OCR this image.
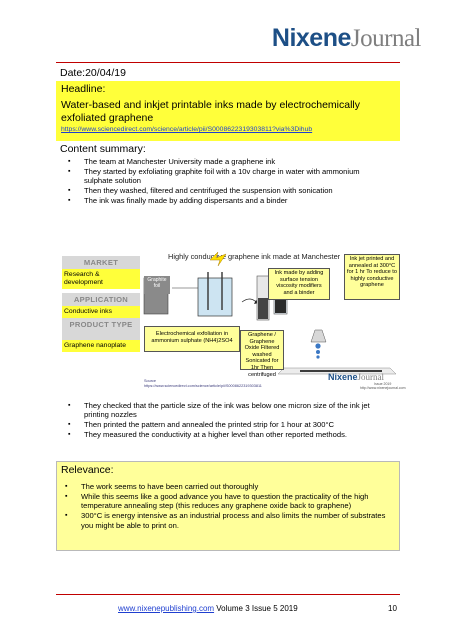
NixeneJournal
Date:20/04/19
Headline:
Water-based and inkjet printable inks made by electrochemically exfoliated graphene
https://www.sciencedirect.com/science/article/pii/S0008622319303811?via%3Dihub
Content summary:
▪ The team at Manchester University made a graphene ink
▪ They started by exfoliating graphite foil with a 10v charge in water with ammonium sulphate solution
▪ Then they washed, filtered and centrifuged the suspension with sonication
▪ The ink was finally made by adding dispersants and a binder
Highly conductive graphene ink made at Manchester
MARKET
Research & development
APPLICATION
Conductive inks
PRODUCT TYPE
Graphene nanoplate
Graphite foil
Electrochemical exfoliation in ammonium sulphate (NH4)2SO4
Graphene / Graphene Oxide Filtered washed Sonicated for 1hr Then centrifuged
Ink made by adding surface tension viscosity modifiers and a binder
Ink jet printed and annealed at 300°C for 1 hr To reduce to highly conductive graphene
Source
https://www.sciencedirect.com/science/article/pii/S0008622319303811
NixeneJournal
Issue 2019
http://www.nixenejournal.com
▪ They checked that the particle size of the ink was below one micron size of the ink jet printing nozzles
▪ Then printed the pattern and annealed the printed strip for 1 hour at 300°C
▪ They measured the conductivity at a higher level than other reported methods.
Relevance:
▪ The work seems to have been carried out thoroughly
▪ While this seems like a good advance you have to question the practicality of the high temperature annealing step (this reduces any graphene oxide back to graphene)
▪ 300°C is energy intensive as an industrial process and also limits the number of substrates you might be able to print on.
www.nixenepublishing.com Volume 3 Issue 5 2019	10
